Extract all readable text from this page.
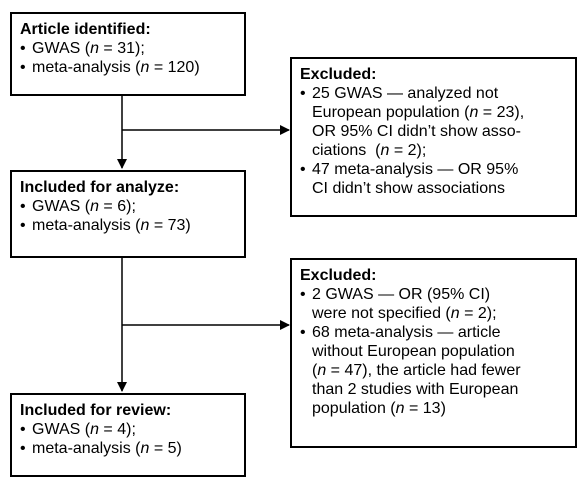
Article identified:
• GWAS (n = 31);
• meta-analysis (n = 120)	Excluded:
• 25 GWAS — analyzed not
European population (n = 23),
OR 95% CI didn’t show asso-
ciations  (n = 2);
• 47 meta-analysis — OR 95%
CI didn’t show associations
Included for analyze:
• GWAS (n = 6);
• meta-analysis (n = 73)
Excluded:
• 2 GWAS — OR (95% CI)
were not specified (n = 2);
• 68 meta-analysis — article
without European population
(n = 47), the article had fewer
than 2 studies with European
population (n = 13)
Included for review:
• GWAS (n = 4);
• meta-analysis (n = 5)
